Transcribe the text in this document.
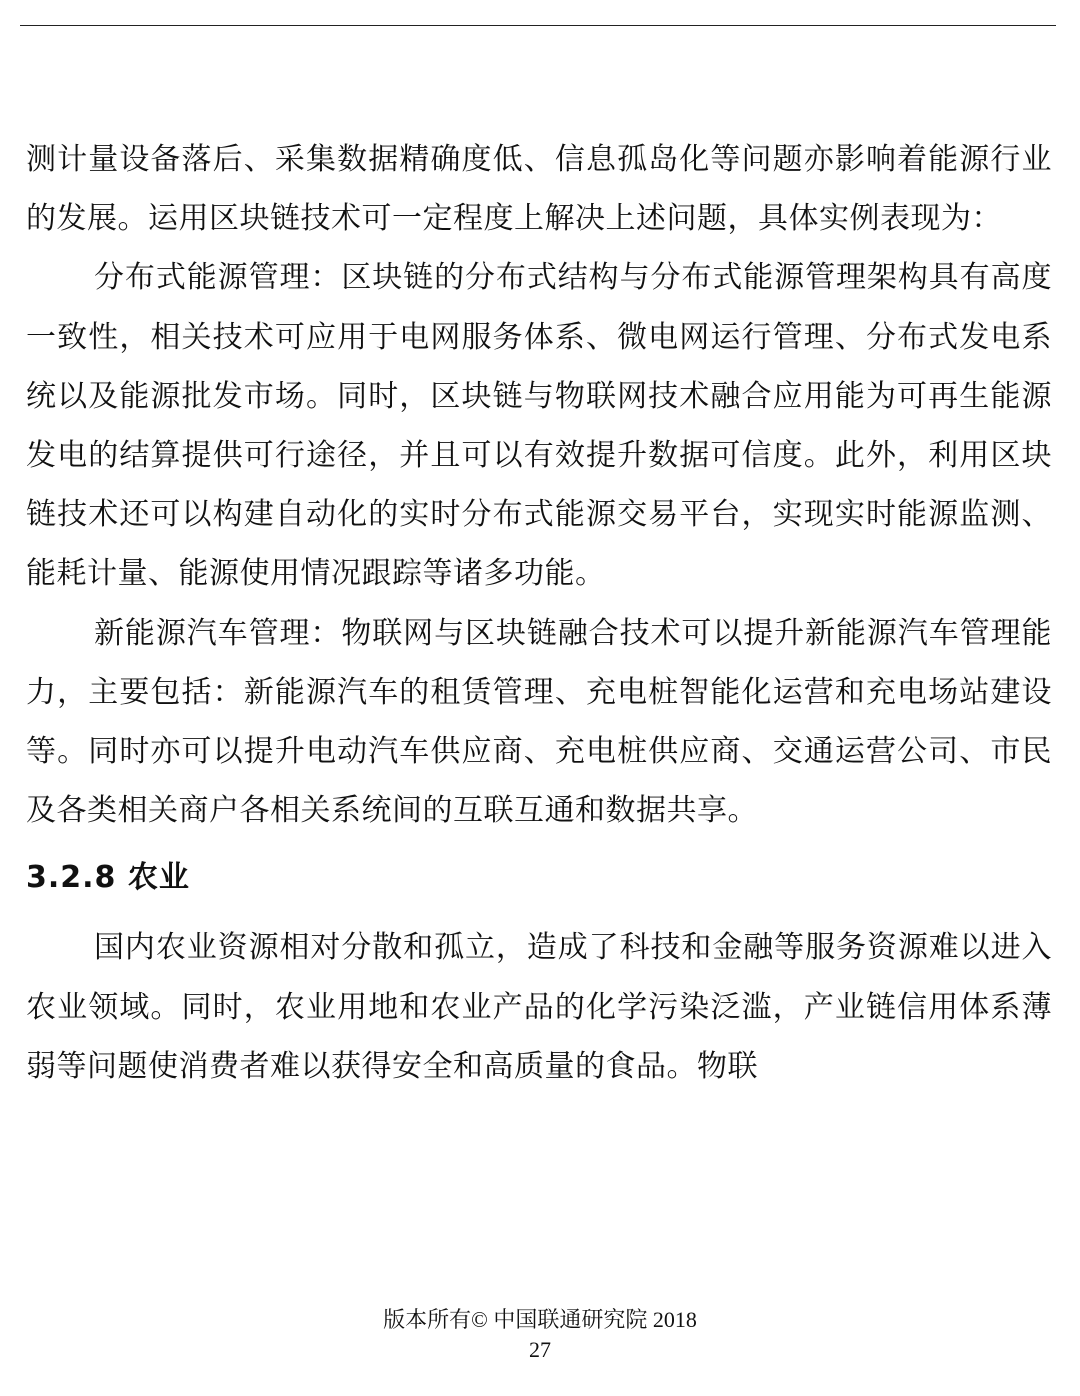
测计量设备落后、采集数据精确度低、信息孤岛化等问题亦影响着能源行业的发展。运用区块链技术可一定程度上解决上述问题，具体实例表现为：

分布式能源管理：区块链的分布式结构与分布式能源管理架构具有高度一致性，相关技术可应用于电网服务体系、微电网运行管理、分布式发电系统以及能源批发市场。同时，区块链与物联网技术融合应用能为可再生能源发电的结算提供可行途径，并且可以有效提升数据可信度。此外，利用区块链技术还可以构建自动化的实时分布式能源交易平台，实现实时能源监测、能耗计量、能源使用情况跟踪等诸多功能。

新能源汽车管理：物联网与区块链融合技术可以提升新能源汽车管理能力，主要包括：新能源汽车的租赁管理、充电桩智能化运营和充电场站建设等。同时亦可以提升电动汽车供应商、充电桩供应商、交通运营公司、市民及各类相关商户各相关系统间的互联互通和数据共享。

3.2.8 农业

国内农业资源相对分散和孤立，造成了科技和金融等服务资源难以进入农业领域。同时，农业用地和农业产品的化学污染泛滥，产业链信用体系薄弱等问题使消费者难以获得安全和高质量的食品。物联

版本所有© 中国联通研究院 2018
27
